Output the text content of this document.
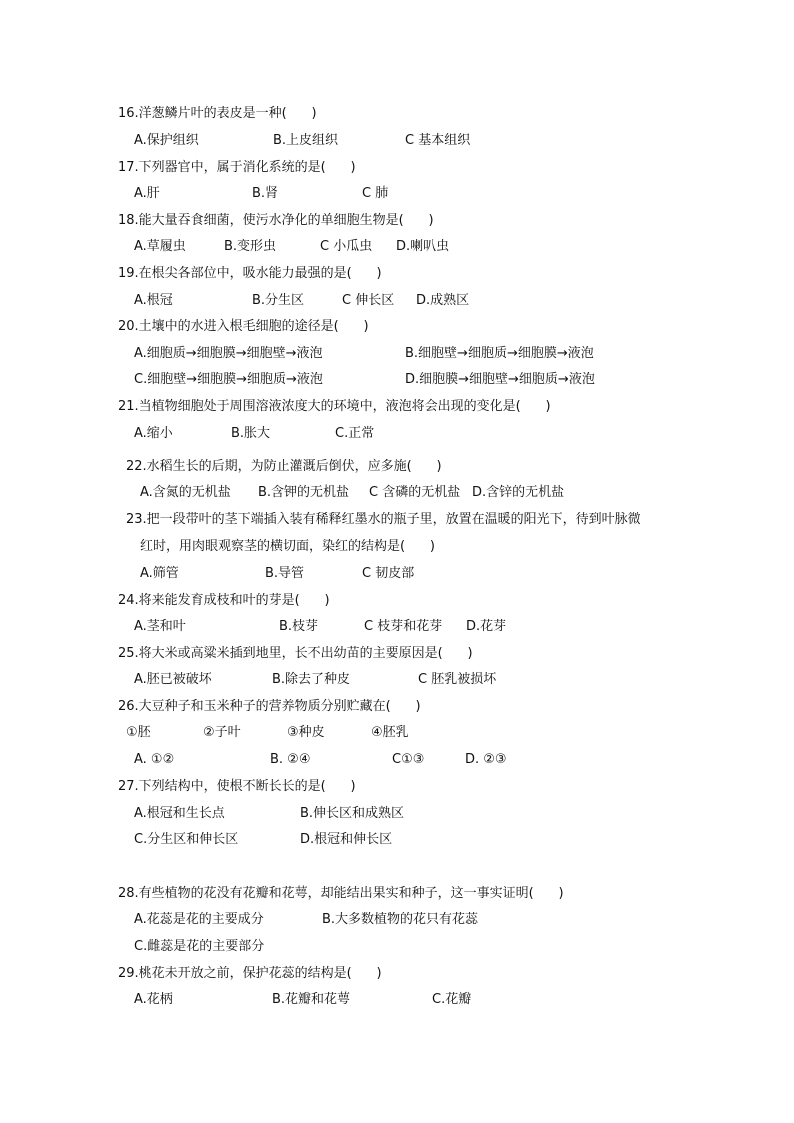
16.洋葱鳞片叶的表皮是一种(      )
A.保护组织	B.上皮组织	C 基本组织
17.下列器官中，属于消化系统的是(      )
A.肝	B.肾	C 肺
18.能大量吞食细菌，使污水净化的单细胞生物是(      )
A.草履虫	B.变形虫	C 小瓜虫 D.喇叭虫
19.在根尖各部位中，吸水能力最强的是(      )
A.根冠	B.分生区	C 伸长区 D.成熟区
20.土壤中的水进入根毛细胞的途径是(      )
A.细胞质→细胞膜→细胞壁→液泡	B.细胞壁→细胞质→细胞膜→液泡
C.细胞壁→细胞膜→细胞质→液泡	D.细胞膜→细胞壁→细胞质→液泡
21.当植物细胞处于周围溶液浓度大的环境中，液泡将会出现的变化是(      )
A.缩小	B.胀大	C.正常
22.水稻生长的后期，为防止灌溉后倒伏，应多施(      )
A.含氮的无机盐 B.含钾的无机盐 C 含磷的无机盐 D.含锌的无机盐
23.把一段带叶的茎下端插入装有稀释红墨水的瓶子里，放置在温暖的阳光下，待到叶脉微
红时，用肉眼观察茎的横切面，染红的结构是(      )
A.筛管	B.导管	C 韧皮部
24.将来能发育成枝和叶的芽是(      )
A.茎和叶	B.枝芽	C 枝芽和花芽 D.花芽
25.将大米或高粱米插到地里，长不出幼苗的主要原因是(      )
A.胚已被破坏	B.除去了种皮	C 胚乳被损坏
26.大豆种子和玉米种子的营养物质分别贮藏在(      )
①胚	②子叶	③种皮	④胚乳
A. ①②	B. ②④	C①③	D. ②③
27.下列结构中，使根不断长长的是(      )
A.根冠和生长点	B.伸长区和成熟区
C.分生区和伸长区	D.根冠和伸长区
28.有些植物的花没有花瓣和花萼，却能结出果实和种子，这一事实证明(      )
A.花蕊是花的主要成分	B.大多数植物的花只有花蕊
C.雌蕊是花的主要部分
29.桃花未开放之前，保护花蕊的结构是(      )
A.花柄	B.花瓣和花萼	C.花瓣
